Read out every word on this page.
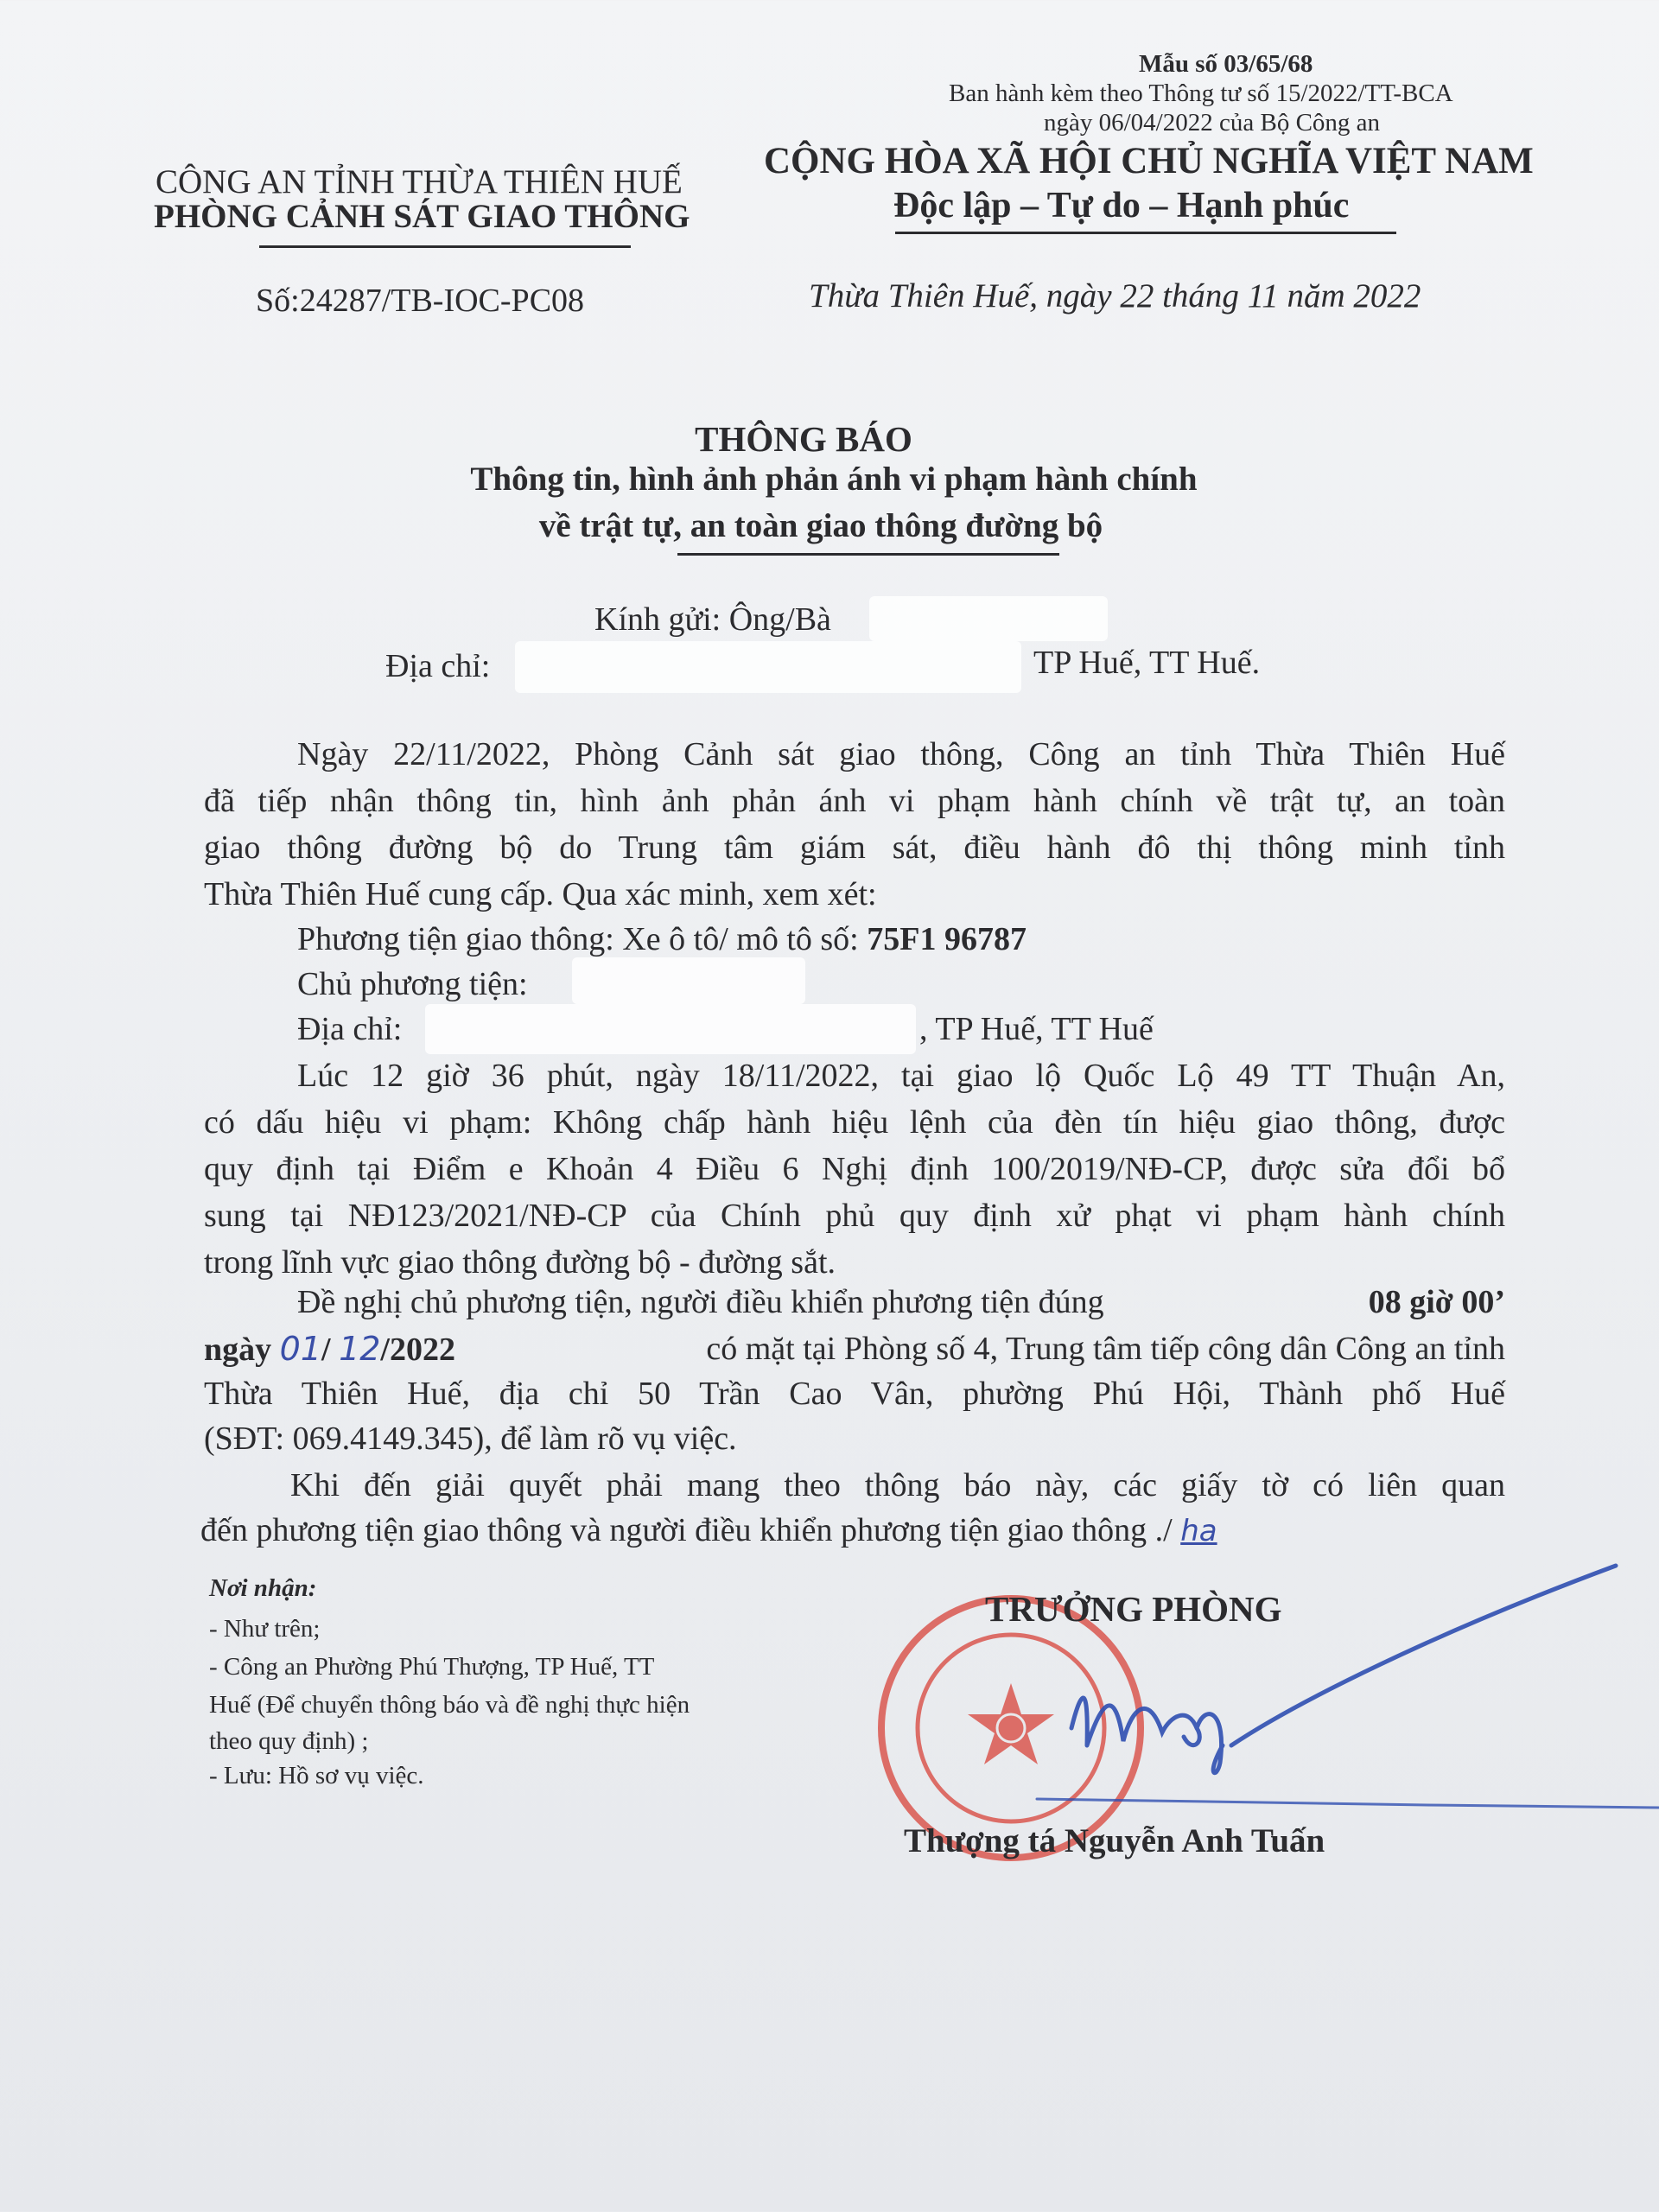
Mẫu số 03/65/68
Ban hành kèm theo Thông tư số 15/2022/TT-BCA
ngày 06/04/2022 của Bộ Công an
CÔNG AN TỈNH THỪA THIÊN HUẾ
PHÒNG CẢNH SÁT GIAO THÔNG
CỘNG HÒA XÃ HỘI CHỦ NGHĨA VIỆT NAM
Độc lập – Tự do – Hạnh phúc
Số:24287/TB-IOC-PC08	Thừa Thiên Huế, ngày 22 tháng 11 năm 2022
THÔNG BÁO
Thông tin, hình ảnh phản ánh vi phạm hành chính
về trật tự, an toàn giao thông đường bộ
Kính gửi: Ông/Bà
Địa chỉ:	TP Huế, TT Huế.
Ngày 22/11/2022, Phòng Cảnh sát giao thông, Công an tỉnh Thừa Thiên Huế
đã tiếp nhận thông tin, hình ảnh phản ánh vi phạm hành chính về trật tự, an toàn
giao thông đường bộ do Trung tâm giám sát, điều hành đô thị thông minh tỉnh
Thừa Thiên Huế cung cấp. Qua xác minh, xem xét:
Phương tiện giao thông: Xe ô tô/ mô tô số: 75F1 96787
Chủ phương tiện:
Địa chỉ:	, TP Huế, TT Huế
Lúc 12 giờ 36 phút, ngày 18/11/2022, tại giao lộ Quốc Lộ 49 TT Thuận An,
có dấu hiệu vi phạm: Không chấp hành hiệu lệnh của đèn tín hiệu giao thông, được
quy định tại Điểm e Khoản 4 Điều 6 Nghị định 100/2019/NĐ-CP, được sửa đổi bổ
sung tại NĐ123/2021/NĐ-CP của Chính phủ quy định xử phạt vi phạm hành chính
trong lĩnh vực giao thông đường bộ - đường sắt.
Đề nghị chủ phương tiện, người điều khiển phương tiện đúng	08 giờ 00’
ngày 01/ 12/2022	có mặt tại Phòng số 4, Trung tâm tiếp công dân Công an tỉnh
Thừa Thiên Huế, địa chỉ 50 Trần Cao Vân, phường Phú Hội, Thành phố Huế
(SĐT: 069.4149.345), để làm rõ vụ việc.
Khi đến giải quyết phải mang theo thông báo này, các giấy tờ có liên quan
đến phương tiện giao thông và người điều khiển phương tiện giao thông ./ ha
Nơi nhận:
- Như trên;
- Công an Phường Phú Thượng, TP Huế, TT
Huế (Để chuyển thông báo và đề nghị thực hiện
theo quy định) ;
- Lưu: Hồ sơ vụ việc.
TRƯỞNG PHÒNG
Thượng tá Nguyễn Anh Tuấn
